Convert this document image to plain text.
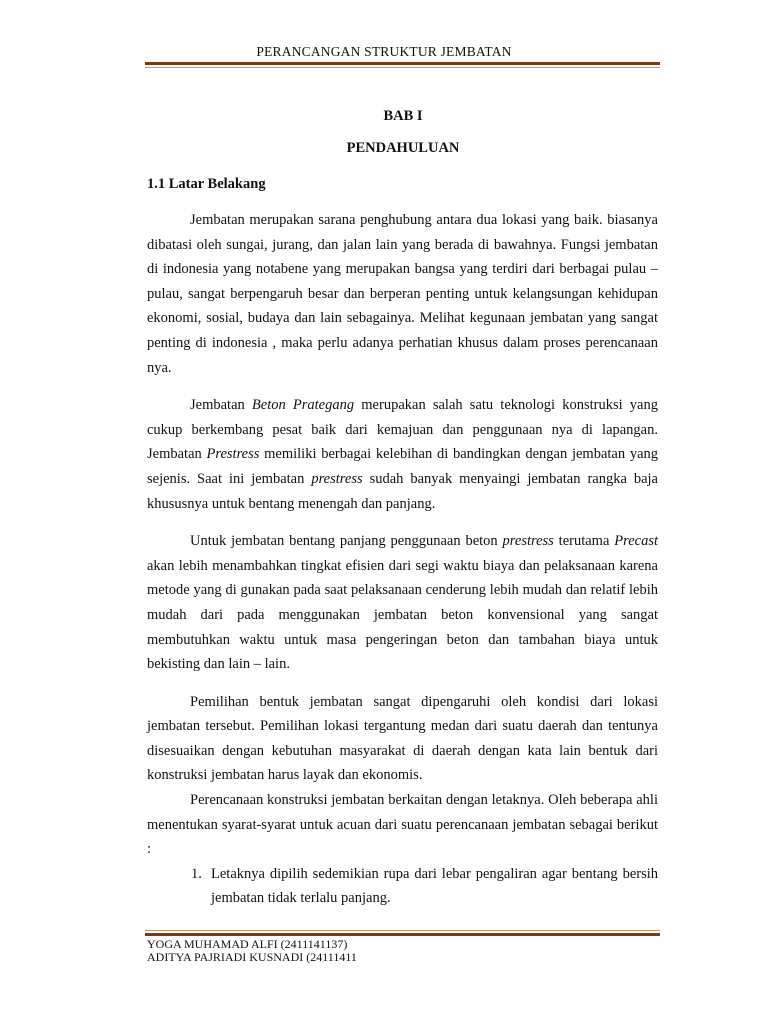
PERANCANGAN STRUKTUR JEMBATAN
BAB I
PENDAHULUAN
1.1 Latar Belakang

Jembatan merupakan sarana penghubung antara dua lokasi yang baik. biasanya dibatasi oleh sungai, jurang, dan jalan lain yang berada di bawahnya. Fungsi jembatan di indonesia yang notabene yang merupakan bangsa yang terdiri dari berbagai pulau – pulau, sangat berpengaruh besar dan berperan penting untuk kelangsungan kehidupan ekonomi, sosial, budaya dan lain sebagainya. Melihat kegunaan jembatan yang sangat penting di indonesia , maka perlu adanya perhatian khusus dalam proses perencanaan nya.

Jembatan Beton Prategang merupakan salah satu teknologi konstruksi yang cukup berkembang pesat baik dari kemajuan dan penggunaan nya di lapangan. Jembatan Prestress memiliki berbagai kelebihan di bandingkan dengan jembatan yang sejenis. Saat ini jembatan prestress sudah banyak menyaingi jembatan rangka baja khususnya untuk bentang menengah dan panjang.

Untuk jembatan bentang panjang penggunaan beton prestress terutama Precast akan lebih menambahkan tingkat efisien dari segi waktu biaya dan pelaksanaan karena metode yang di gunakan pada saat pelaksanaan cenderung lebih mudah dan relatif lebih mudah dari pada menggunakan jembatan beton konvensional yang sangat membutuhkan waktu untuk masa pengeringan beton dan tambahan biaya untuk bekisting dan lain – lain.

Pemilihan bentuk jembatan sangat dipengaruhi oleh kondisi dari lokasi jembatan tersebut. Pemilihan lokasi tergantung medan dari suatu daerah dan tentunya disesuaikan dengan kebutuhan masyarakat di daerah dengan kata lain bentuk dari konstruksi jembatan harus layak dan ekonomis.

Perencanaan konstruksi jembatan berkaitan dengan letaknya. Oleh beberapa ahli menentukan syarat-syarat untuk acuan dari suatu perencanaan jembatan sebagai berikut :

1. Letaknya dipilih sedemikian rupa dari lebar pengaliran agar bentang bersih jembatan tidak terlalu panjang.
YOGA MUHAMAD ALFI (2411141137)
ADITYA PAJRIADI KUSNADI (24111411
